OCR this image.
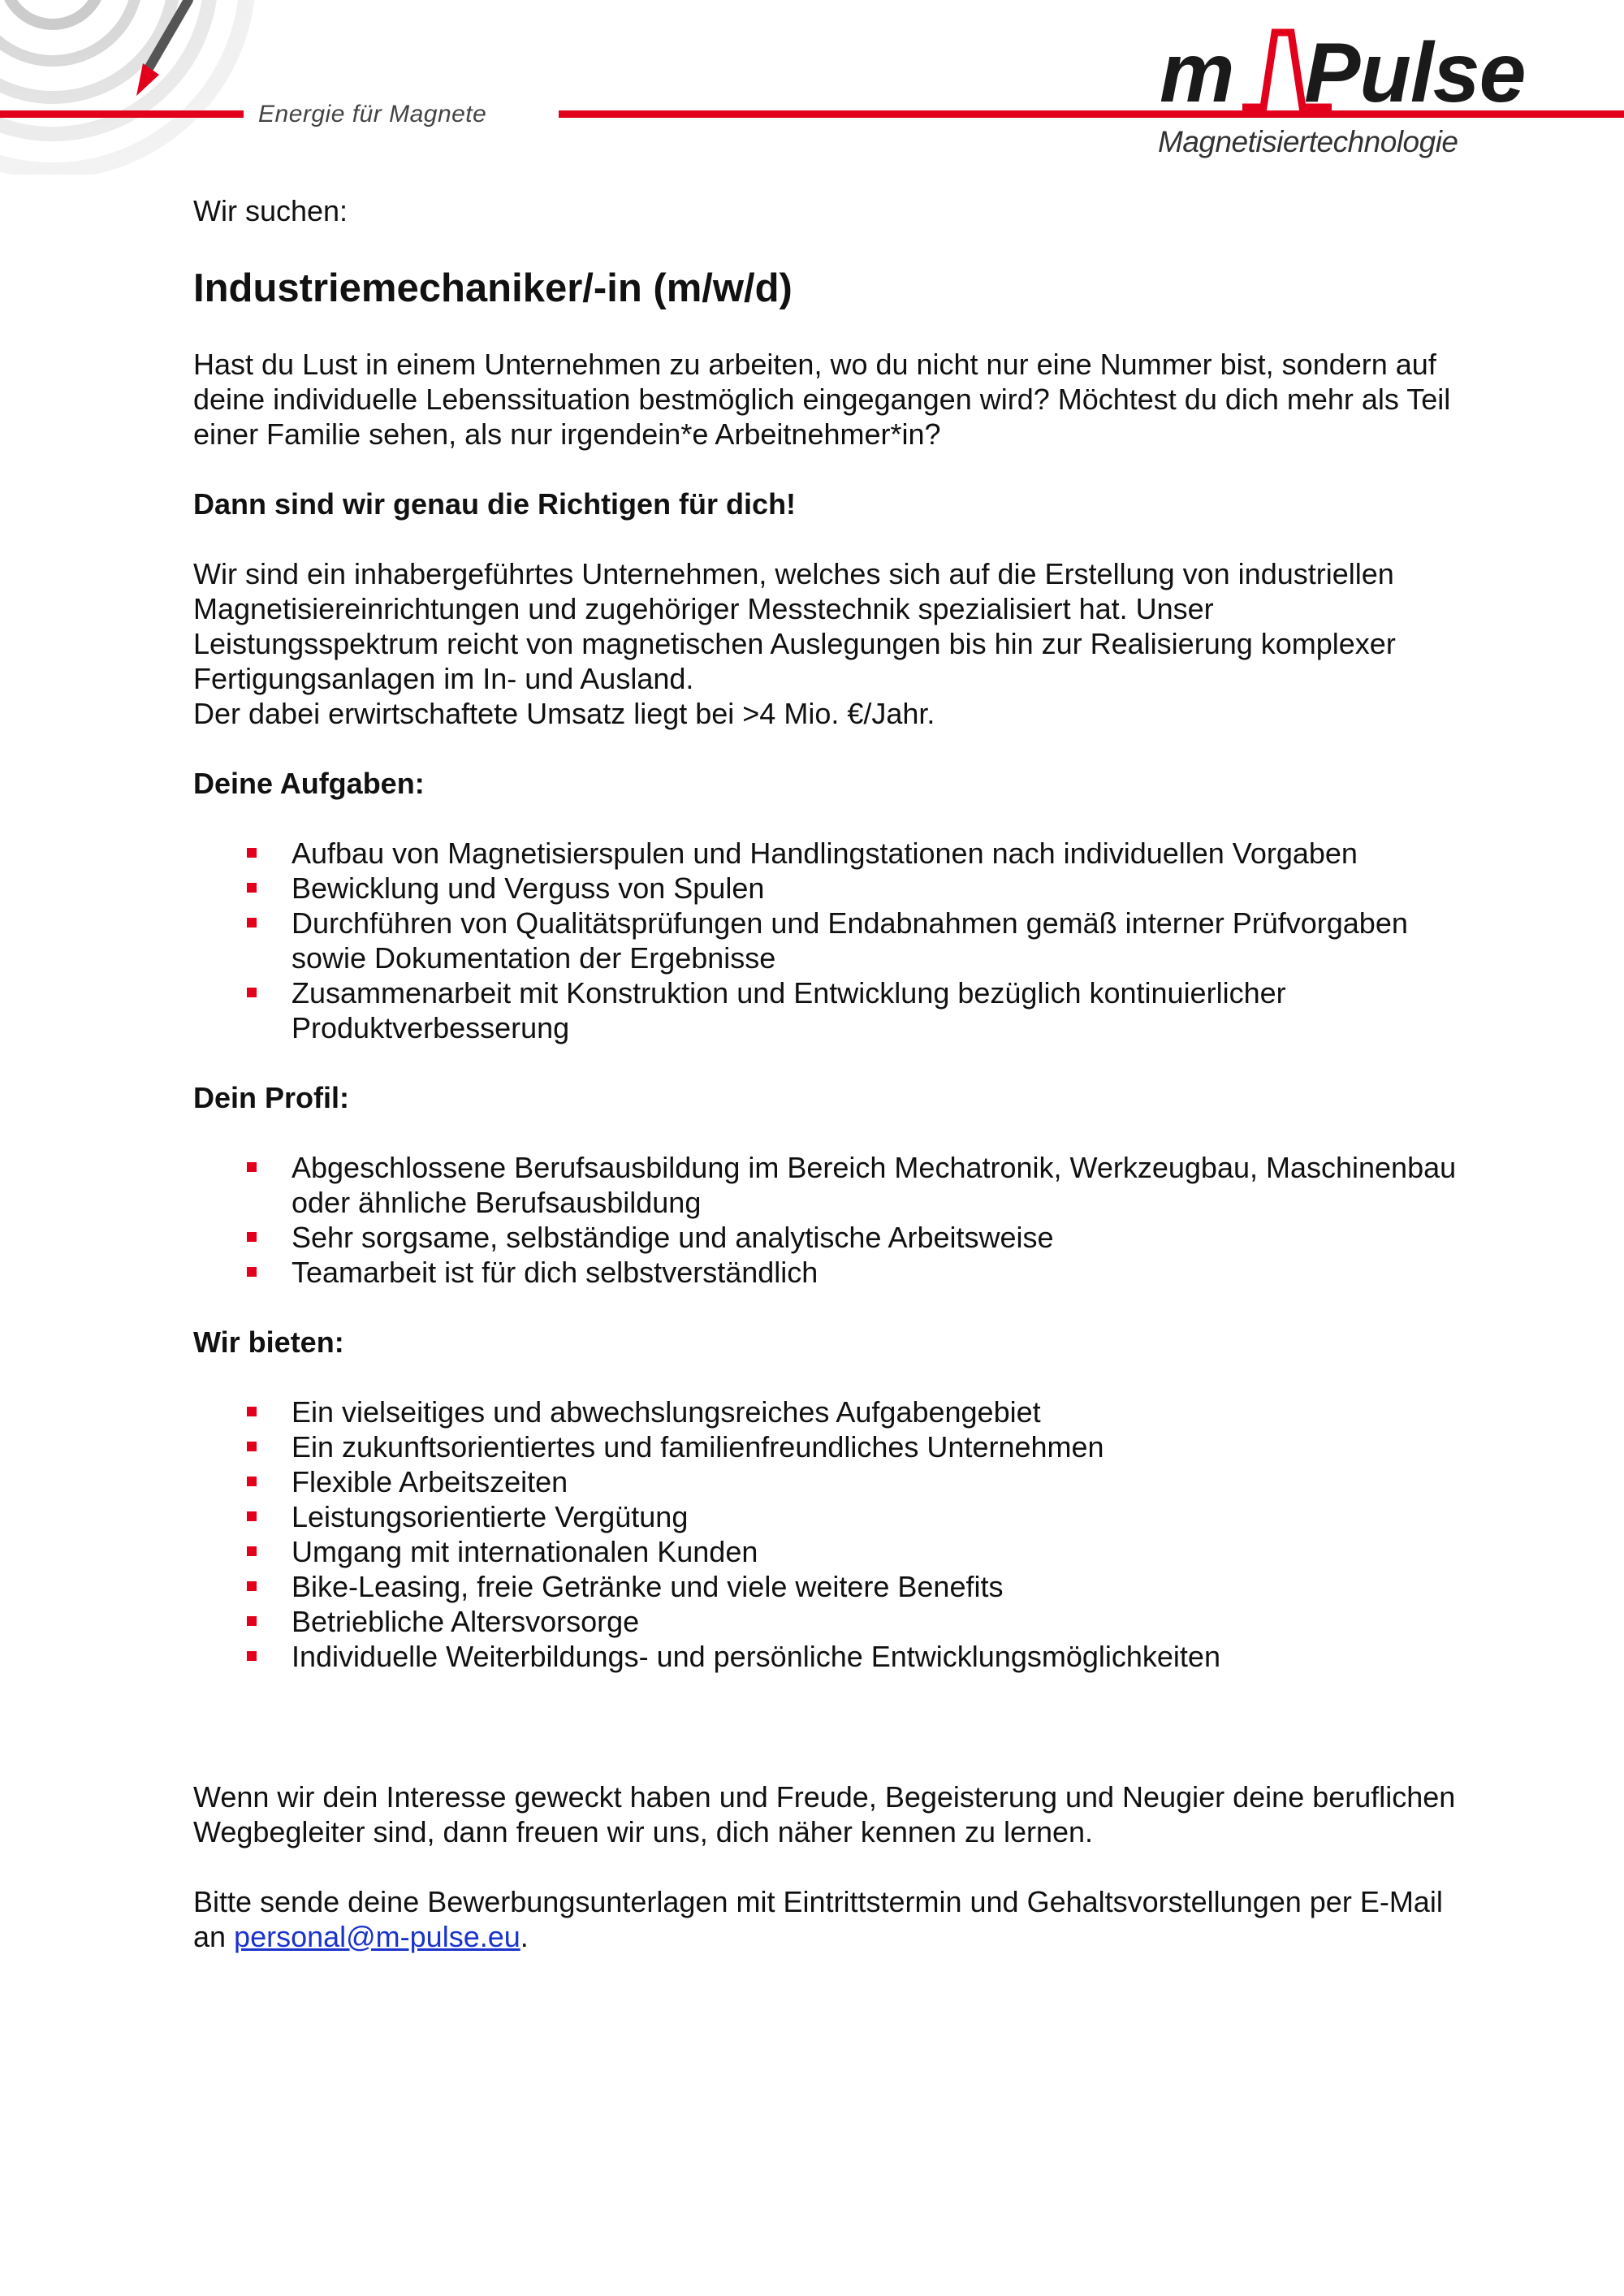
Energie für Magnete	m Pulse
Magnetisiertechnologie

Wir suchen:

Industriemechaniker/-in (m/w/d)

Hast du Lust in einem Unternehmen zu arbeiten, wo du nicht nur eine Nummer bist, sondern auf deine individuelle Lebenssituation bestmöglich eingegangen wird? Möchtest du dich mehr als Teil einer Familie sehen, als nur irgendein*e Arbeitnehmer*in?

Dann sind wir genau die Richtigen für dich!

Wir sind ein inhabergeführtes Unternehmen, welches sich auf die Erstellung von industriellen Magnetisiereinrichtungen und zugehöriger Messtechnik spezialisiert hat. Unser Leistungsspektrum reicht von magnetischen Auslegungen bis hin zur Realisierung komplexer Fertigungsanlagen im In- und Ausland.

Der dabei erwirtschaftete Umsatz liegt bei >4 Mio. €/Jahr.

Deine Aufgaben:

Aufbau von Magnetisierspulen und Handlingstationen nach individuellen Vorgaben
Bewicklung und Verguss von Spulen
Durchführen von Qualitätsprüfungen und Endabnahmen gemäß interner Prüfvorgaben sowie Dokumentation der Ergebnisse
Zusammenarbeit mit Konstruktion und Entwicklung bezüglich kontinuierlicher Produktverbesserung

Dein Profil:

Abgeschlossene Berufsausbildung im Bereich Mechatronik, Werkzeugbau, Maschinenbau oder ähnliche Berufsausbildung
Sehr sorgsame, selbständige und analytische Arbeitsweise
Teamarbeit ist für dich selbstverständlich

Wir bieten:

Ein vielseitiges und abwechslungsreiches Aufgabengebiet
Ein zukunftsorientiertes und familienfreundliches Unternehmen
Flexible Arbeitszeiten
Leistungsorientierte Vergütung
Umgang mit internationalen Kunden
Bike-Leasing, freie Getränke und viele weitere Benefits
Betriebliche Altersvorsorge
Individuelle Weiterbildungs- und persönliche Entwicklungsmöglichkeiten

Wenn wir dein Interesse geweckt haben und Freude, Begeisterung und Neugier deine beruflichen Wegbegleiter sind, dann freuen wir uns, dich näher kennen zu lernen.

Bitte sende deine Bewerbungsunterlagen mit Eintrittstermin und Gehaltsvorstellungen per E-Mail an personal@m-pulse.eu.
